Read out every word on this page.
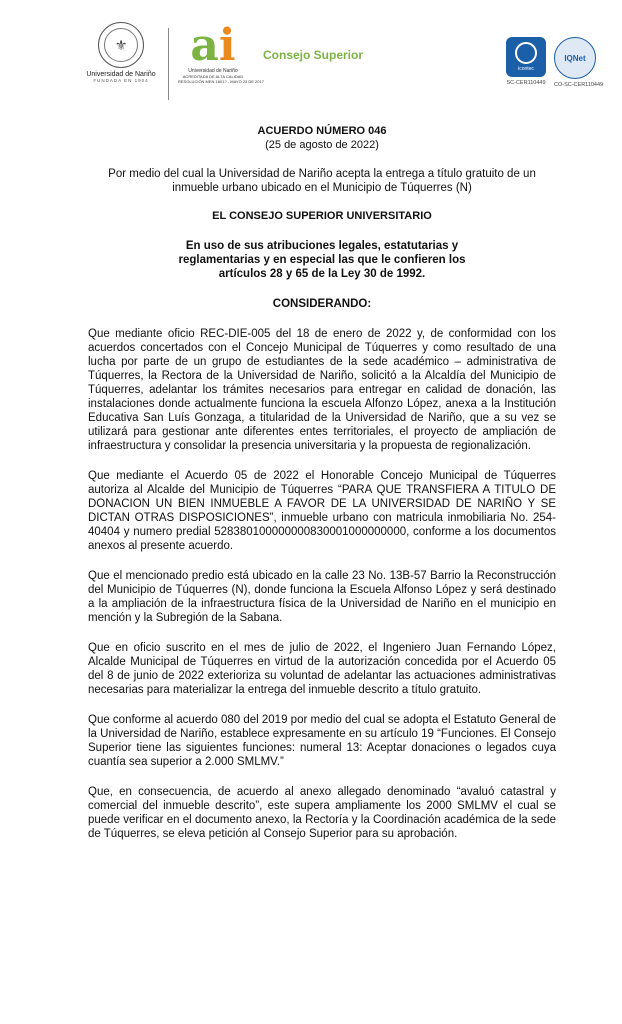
⚜
Universidad de Nariño
FUNDADA EN 1904
ai
Universidad de Nariño
ACREDITADA DE ALTA CALIDAD
RESOLUCIÓN MEN 1601? - MAYO 23 DE 2017
Consejo Superior
icontec
SC-CER110449
IQNet
CO-SC-CER110449
ACUERDO NÚMERO 046
(25 de agosto de 2022)
Por medio del cual la Universidad de Nariño acepta la entrega a título gratuito de un inmueble urbano ubicado en el Municipio de Túquerres (N)
EL CONSEJO SUPERIOR UNIVERSITARIO
En uso de sus atribuciones legales, estatutarias y reglamentarias y en especial las que le confieren los artículos 28 y 65 de la Ley 30 de 1992.
CONSIDERANDO:
Que mediante oficio REC-DIE-005 del 18 de enero de 2022 y, de conformidad con los acuerdos concertados con el Concejo Municipal de Túquerres y como resultado de una lucha por parte de un grupo de estudiantes de la sede académico – administrativa de Túquerres, la Rectora de la Universidad de Nariño, solicitó a la Alcaldía del Municipio de Túquerres, adelantar los trámites necesarios para entregar en calidad de donación, las instalaciones donde actualmente funciona la escuela Alfonzo López, anexa a la Institución Educativa San Luís Gonzaga, a titularidad de la Universidad de Nariño, que a su vez se utilizará para gestionar ante diferentes entes territoriales, el proyecto de ampliación de infraestructura y consolidar la presencia universitaria y la propuesta de regionalización.
Que mediante el Acuerdo 05 de 2022 el Honorable Concejo Municipal de Túquerres autoriza al Alcalde del Municipio de Túquerres “PARA QUE TRANSFIERA A TITULO DE DONACION UN BIEN INMUEBLE A FAVOR DE LA UNIVERSIDAD DE NARIÑO Y SE DICTAN OTRAS DISPOSICIONES”, inmueble urbano con matricula inmobiliaria No. 254-40404 y numero predial 528380100000000830001000000000, conforme a los documentos anexos al presente acuerdo.
Que el mencionado predio está ubicado en la calle 23 No. 13B-57 Barrio la Reconstrucción del Municipio de Túquerres (N), donde funciona la Escuela Alfonso López y será destinado a la ampliación de la infraestructura física de la Universidad de Nariño en el municipio en mención y la Subregión de la Sabana.
Que en oficio suscrito en el mes de julio de 2022, el Ingeniero Juan Fernando López, Alcalde Municipal de Túquerres en virtud de la autorización concedida por el Acuerdo 05 del 8 de junio de 2022 exterioriza su voluntad de adelantar las actuaciones administrativas necesarias para materializar la entrega del inmueble descrito a título gratuito.
Que conforme al acuerdo 080 del 2019 por medio del cual se adopta el Estatuto General de la Universidad de Nariño, establece expresamente en su artículo 19 “Funciones. El Consejo Superior tiene las siguientes funciones: numeral 13: Aceptar donaciones o legados cuya cuantía sea superior a 2.000 SMLMV.”
Que, en consecuencia, de acuerdo al anexo allegado denominado “avaluó catastral y comercial del inmueble descrito”, este supera ampliamente los 2000 SMLMV el cual se puede verificar en el documento anexo, la Rectoría y la Coordinación académica de la sede de Túquerres, se eleva petición al Consejo Superior para su aprobación.
